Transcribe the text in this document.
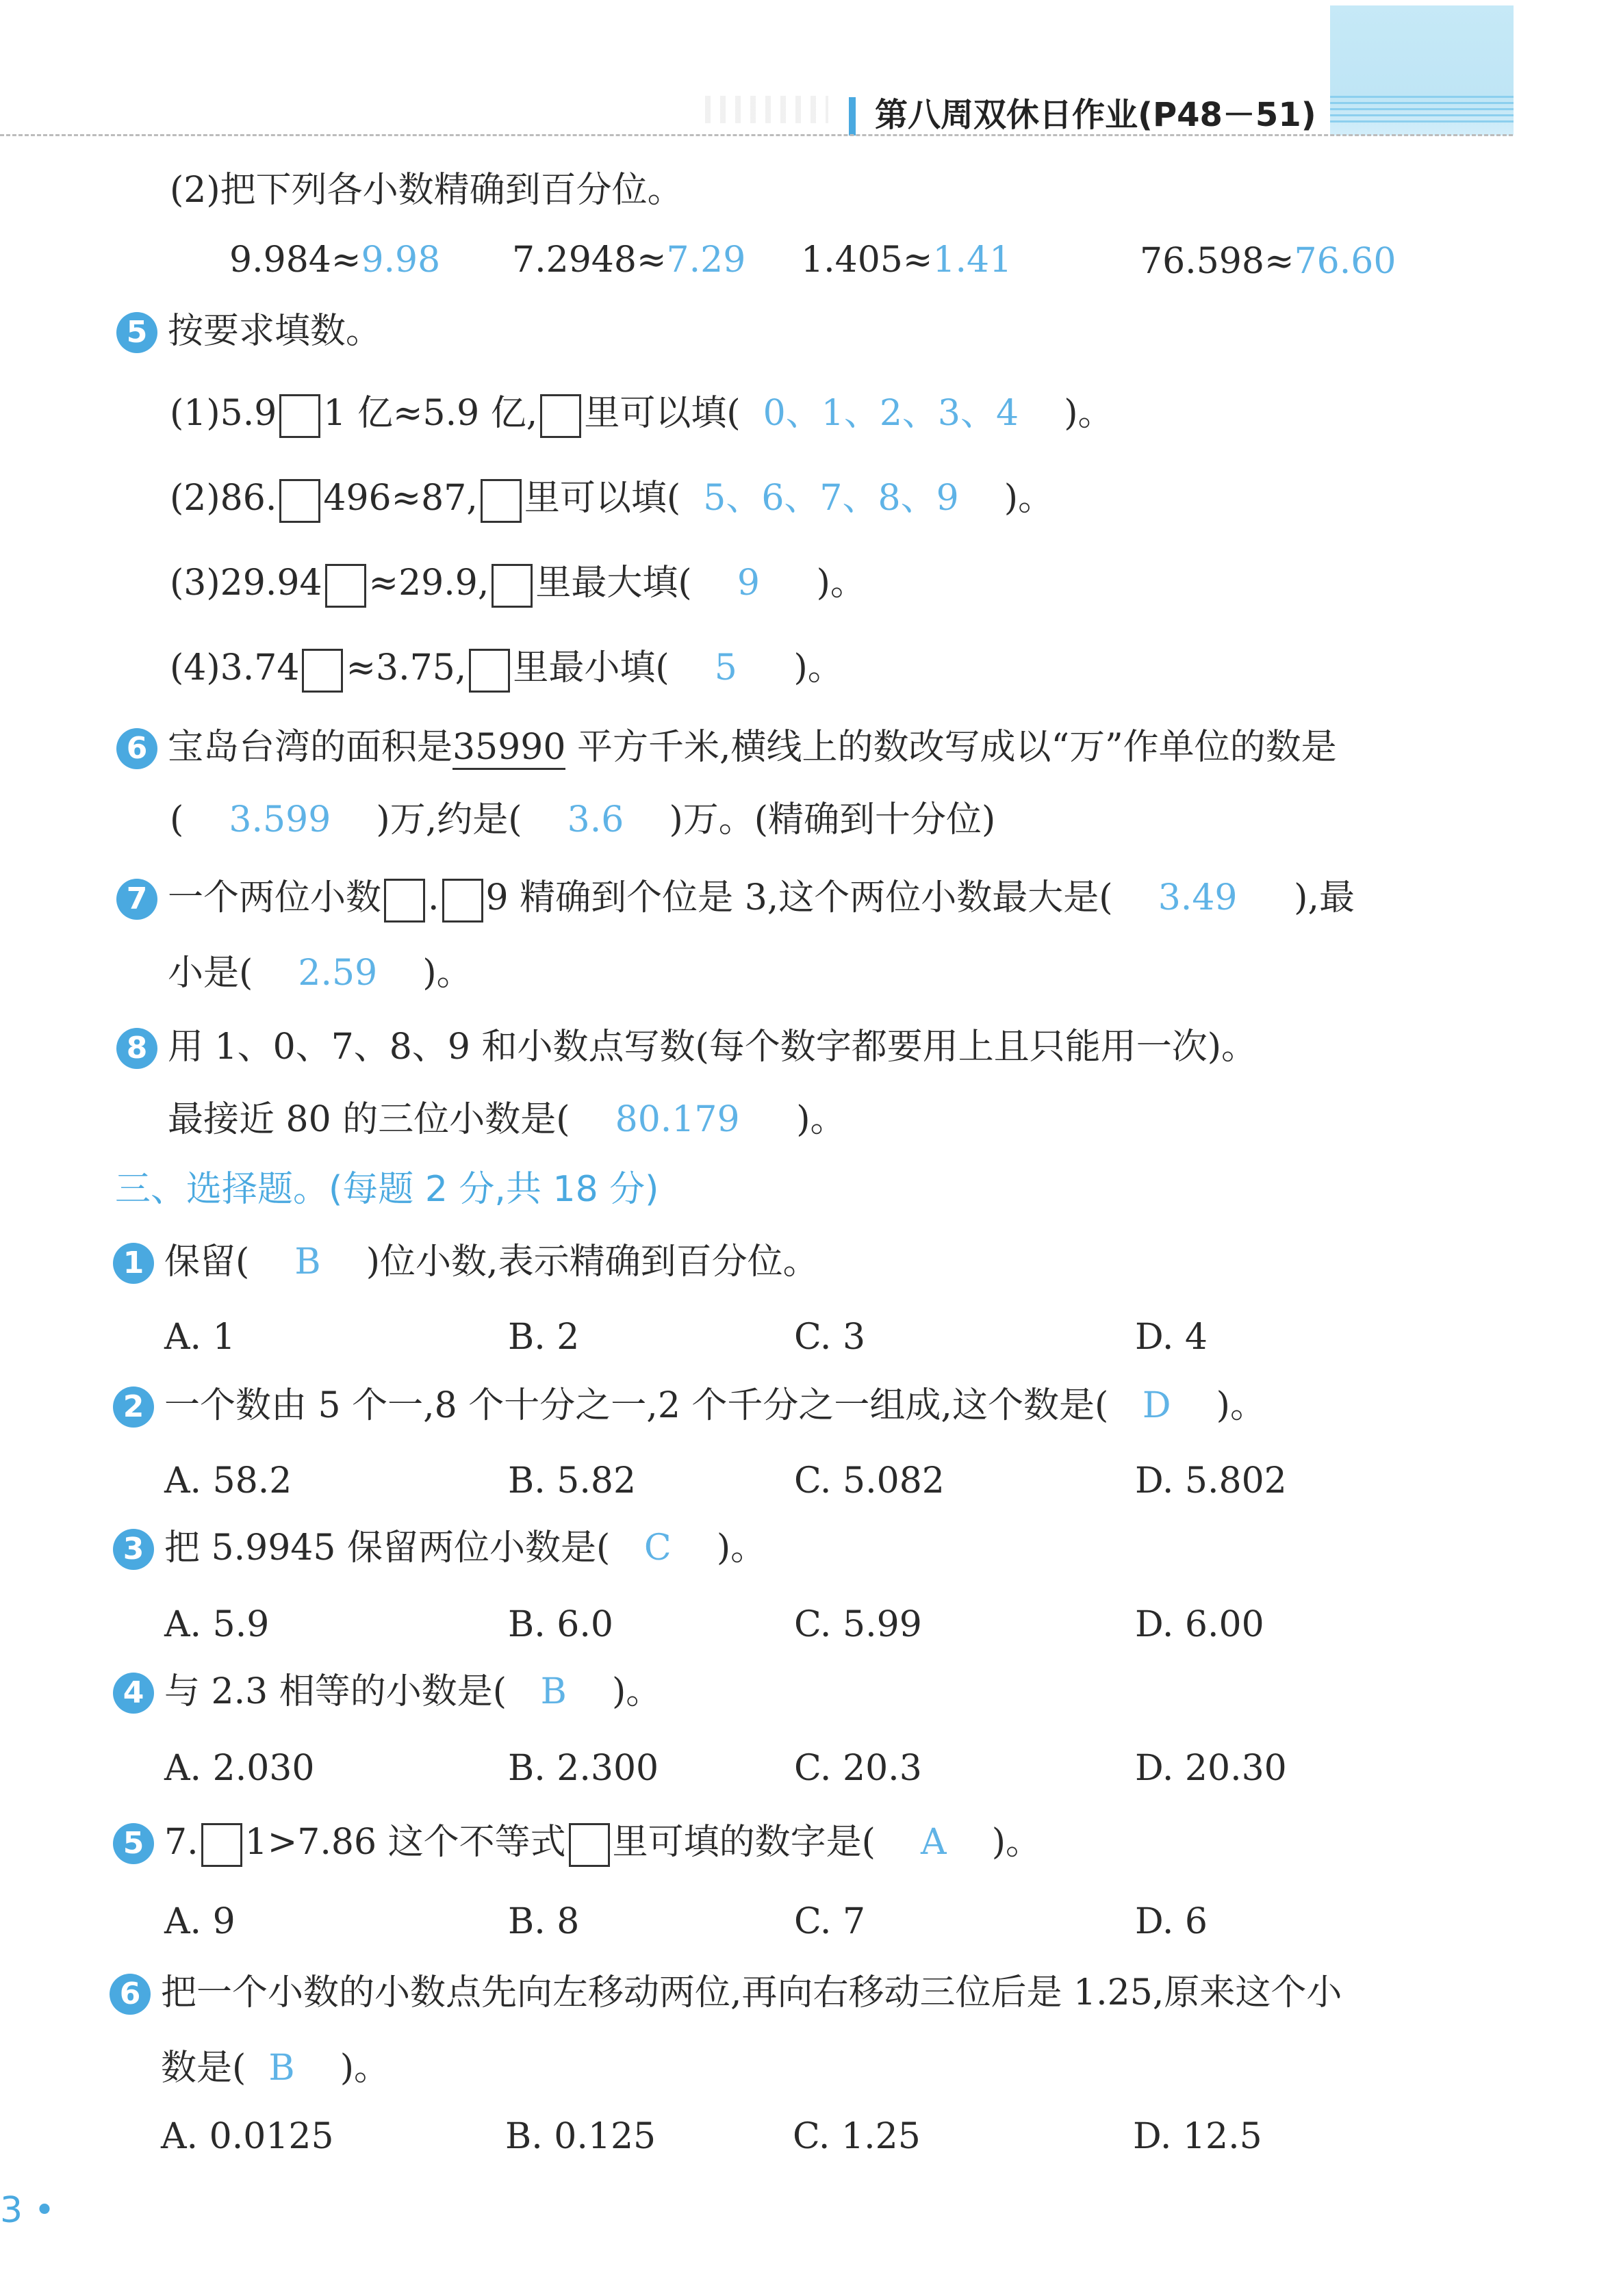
第八周双休日作业(P48－51)
(2)把下列各小数精确到百分位。
9.984≈9.98 7.2948≈7.29 1.405≈1.41	76.598≈76.60
5 按要求填数。
(1)5.9 1 亿≈5.9 亿, 里可以填( 0、1、2、3、4 )。
(2)86. 496≈87, 里可以填( 5、6、7、8、9 )。
(3)29.94 ≈29.9, 里最大填( 9 )。
(4)3.74 ≈3.75, 里最小填( 5 )。
6 宝岛台湾的面积是35990 平方千米,横线上的数改写成以“万”作单位的数是
( 3.599 )万,约是( 3.6 )万。(精确到十分位)
7 一个两位小数 . 9 精确到个位是 3,这个两位小数最大是( 3.49 ),最
小是( 2.59 )。
8 用 1、0、7、8、9 和小数点写数(每个数字都要用上且只能用一次)。
最接近 80 的三位小数是( 80.179 )。
三、选择题。(每题 2 分,共 18 分)
1 保留( B )位小数,表示精确到百分位。
A. 1	B. 2	C. 3	D. 4
2 一个数由 5 个一,8 个十分之一,2 个千分之一组成,这个数是( D )。
A. 58.2	B. 5.82	C. 5.082	D. 5.802
3 把 5.9945 保留两位小数是( C )。
A. 5.9	B. 6.0	C. 5.99	D. 6.00
4 与 2.3 相等的小数是( B )。
A. 2.030	B. 2.300	C. 20.3	D. 20.30
5 7. 1>7.86 这个不等式 里可填的数字是( A )。
A. 9	B. 8	C. 7	D. 6
6 把一个小数的小数点先向左移动两位,再向右移动三位后是 1.25,原来这个小
数是( B )。
A. 0.0125	B. 0.125	C. 1.25	D. 12.5
3 •
